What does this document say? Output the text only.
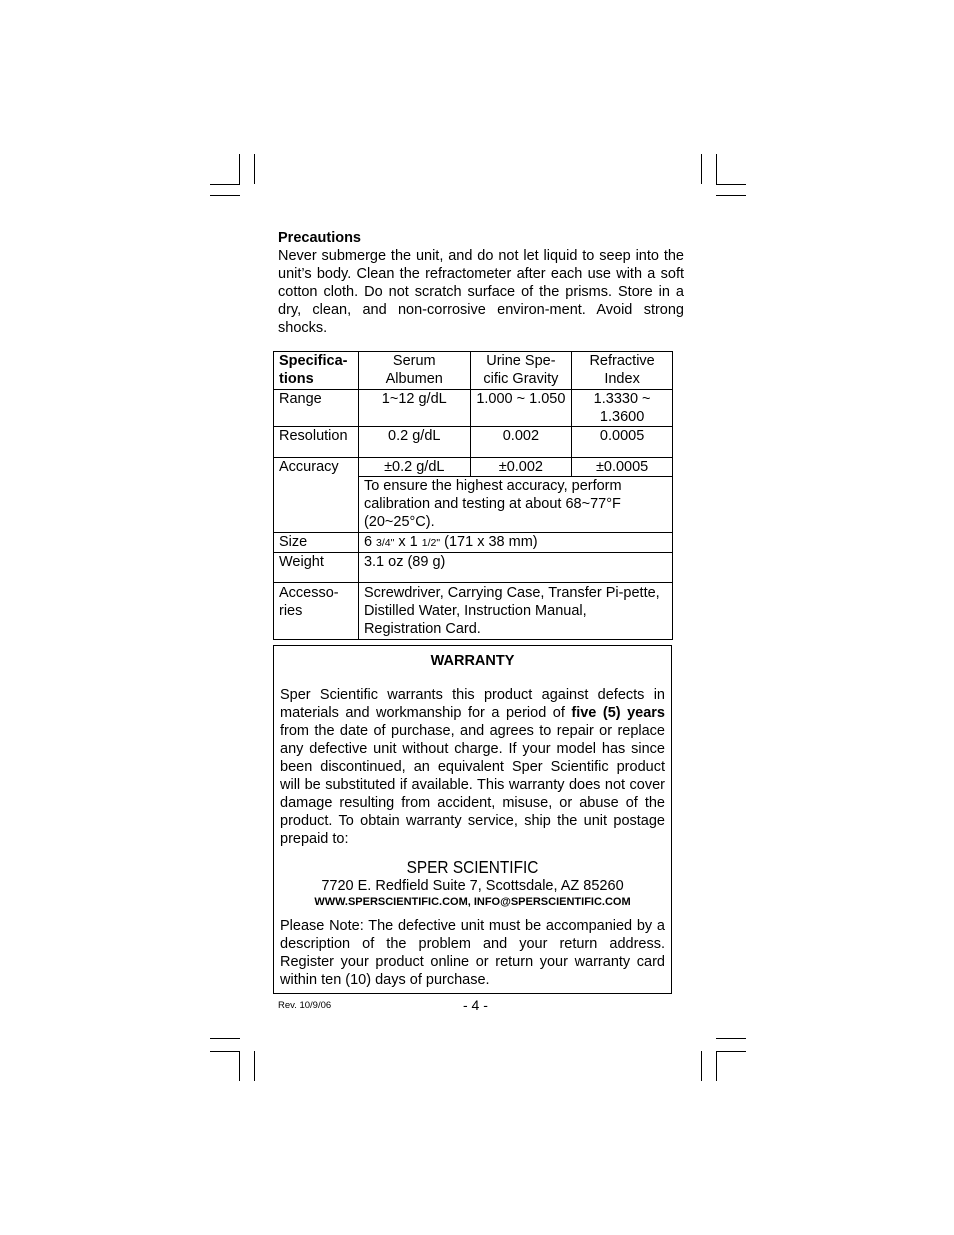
Precautions

Never submerge the unit, and do not let liquid to seep into the unit’s body. Clean the refractometer after each use with a soft cotton cloth. Do not scratch surface of the prisms. Store in a dry, clean, and non-corrosive environ-ment. Avoid strong shocks.

Specifica-tions	Serum Albumen	Urine Spe-cific Gravity	Refractive Index
Range	1~12 g/dL	1.000 ~ 1.050	1.3330 ~ 1.3600
Resolution	0.2 g/dL	0.002	0.0005
Accuracy	±0.2 g/dL	±0.002	±0.0005
	To ensure the highest accuracy, perform calibration and testing at about 68~77°F (20~25°C).		
Size	6 3/4" x 1 1/2" (171 x 38 mm)		
Weight	3.1 oz (89 g)		
Accesso-ries	Screwdriver, Carrying Case, Transfer Pi-pette, Distilled Water, Instruction Manual, Registration Card.		
WARRANTY

Sper Scientific warrants this product against defects in materials and workmanship for a period of five (5) years from the date of purchase, and agrees to repair or replace any defective unit without charge. If your model has since been discontinued, an equivalent Sper Scientific product will be substituted if available. This warranty does not cover damage resulting from accident, misuse, or abuse of the product. To obtain warranty service, ship the unit postage prepaid to:

SPER SCIENTIFIC
7720 E. Redfield Suite 7, Scottsdale, AZ 85260
WWW.SPERSCIENTIFIC.COM, INFO@SPERSCIENTIFIC.COM

Please Note: The defective unit must be accompanied by a description of the problem and your return address. Register your product online or return your warranty card within ten (10) days of purchase.

Rev. 10/9/06	- 4 -
